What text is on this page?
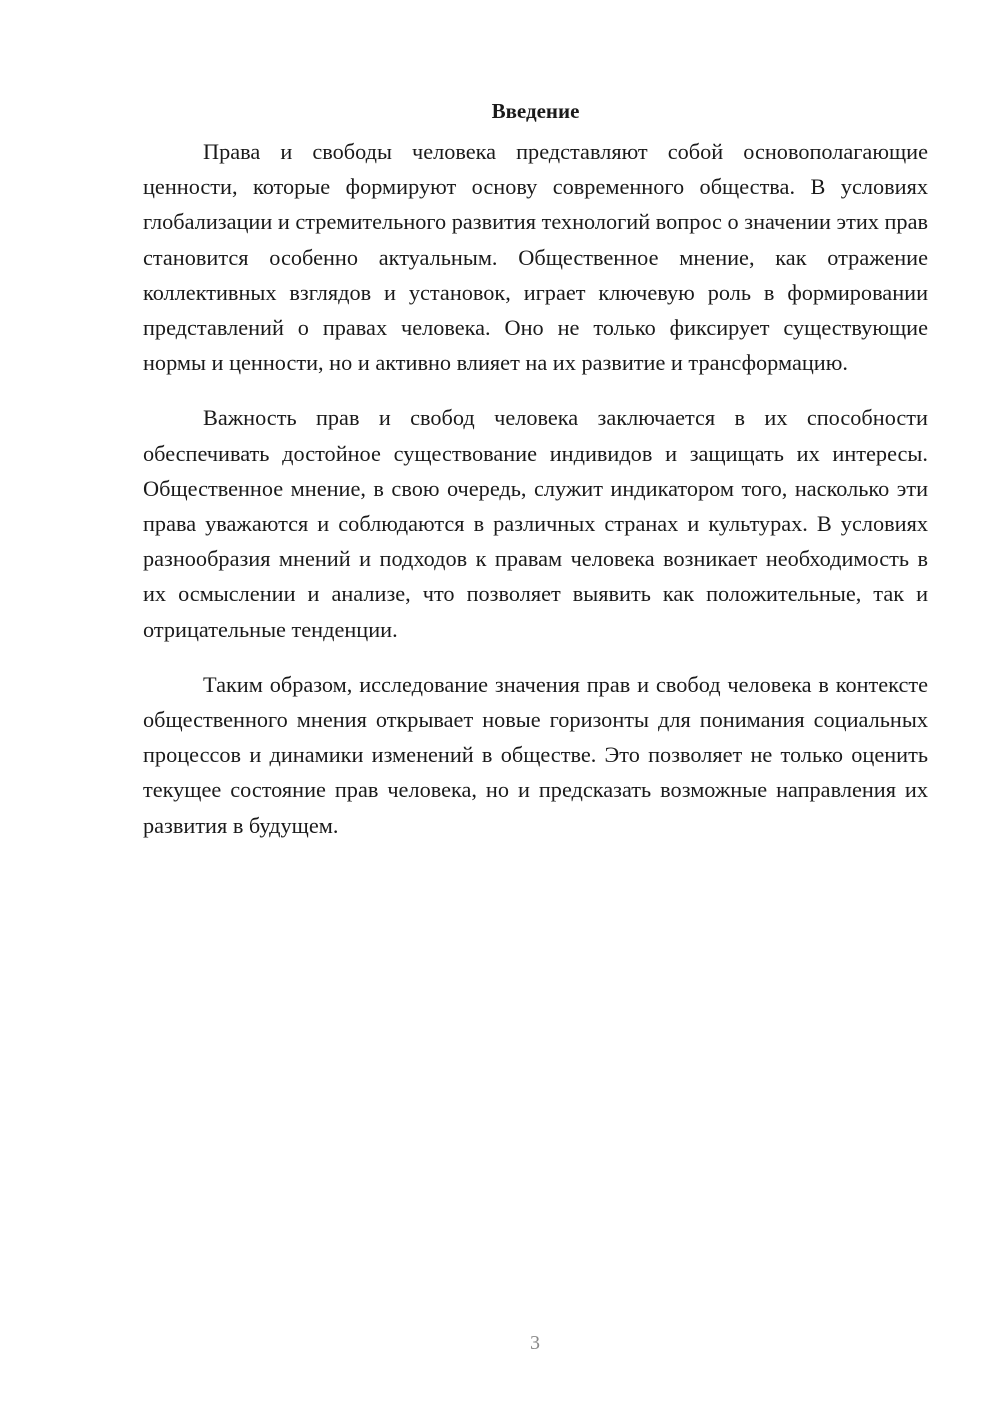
Введение

Права и свободы человека представляют собой основополагающие ценности, которые формируют основу современного общества. В условиях глобализации и стремительного развития технологий вопрос о значении этих прав становится особенно актуальным. Общественное мнение, как отражение коллективных взглядов и установок, играет ключевую роль в формировании представлений о правах человека. Оно не только фиксирует существующие нормы и ценности, но и активно влияет на их развитие и трансформацию.

Важность прав и свобод человека заключается в их способности обеспечивать достойное существование индивидов и защищать их интересы. Общественное мнение, в свою очередь, служит индикатором того, насколько эти права уважаются и соблюдаются в различных странах и культурах. В условиях разнообразия мнений и подходов к правам человека возникает необходимость в их осмыслении и анализе, что позволяет выявить как положительные, так и отрицательные тенденции.

Таким образом, исследование значения прав и свобод человека в контексте общественного мнения открывает новые горизонты для понимания социальных процессов и динамики изменений в обществе. Это позволяет не только оценить текущее состояние прав человека, но и предсказать возможные направления их развития в будущем.

3
